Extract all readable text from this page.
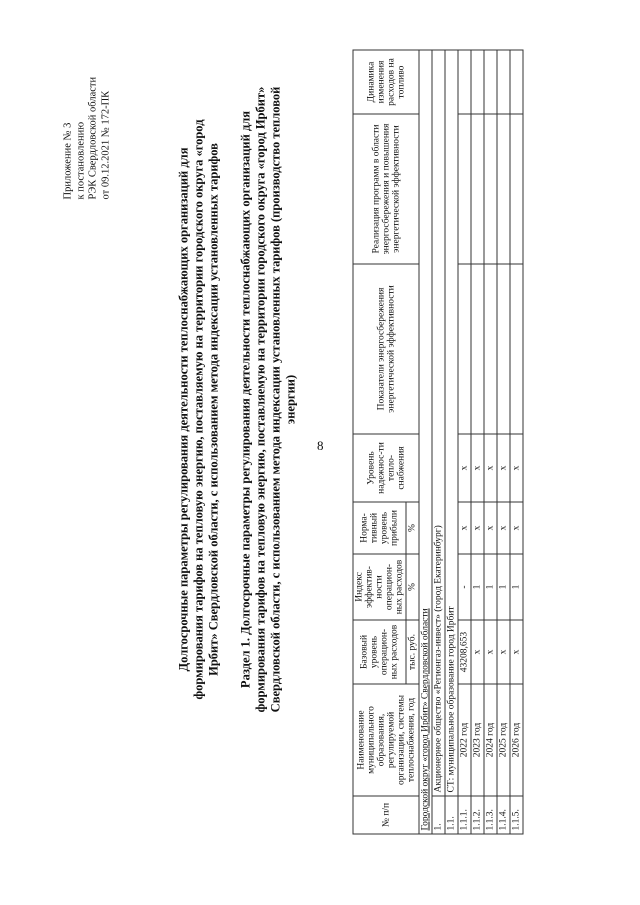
8
Приложение № 3 к постановлению РЭК Свердловской области от 09.12.2021 № 172-ПК
Долгосрочные параметры регулирования деятельности теплоснабжающих организаций для формирования тарифов на тепловую энергию, поставляемую на территории городского округа «город Ирбит» Свердловской области, с использованием метода индексации установленных тарифов Раздел 1. Долгосрочные параметры регулирования деятельности теплоснабжающих организаций для формирования тарифов на тепловую энергию, поставляемую на территории городского округа «город Ирбит» Свердловской области, с использованием метода индексации установленных тарифов (производство тепловой энергии)
№ п/п	Наименование муниципального образования, регулируемой организации, системы теплоснабжения, год	Базовый уровень операцион-ных расходов	Индекс эффектив-ности операцион-ных расходов	Норма-тивный уровень прибыли	Уровень надежнос-ти тепло-снабжения	Показатели энергосбережения энергетической эффективности	Реализация программ в области энергосбережения и повышения энергетической эффективности	Динамика изменения расходов на топливо
		тыс. руб.	%	%				
Городской округ «город Ирбит» Свердловской области								
1.	Акционерное общество «Регионгаз-инвест» (город Екатеринбург)							
1.1.	СТ: муниципальное образование город Ирбит							
1.1.1.	2022 год	43208,653	-	х	х			
1.1.2.	2023 год	х	1	х	х			
1.1.3.	2024 год	х	1	х	х			
1.1.4.	2025 год	х	1	х	х			
1.1.5.	2026 год	х	1	х	х			
